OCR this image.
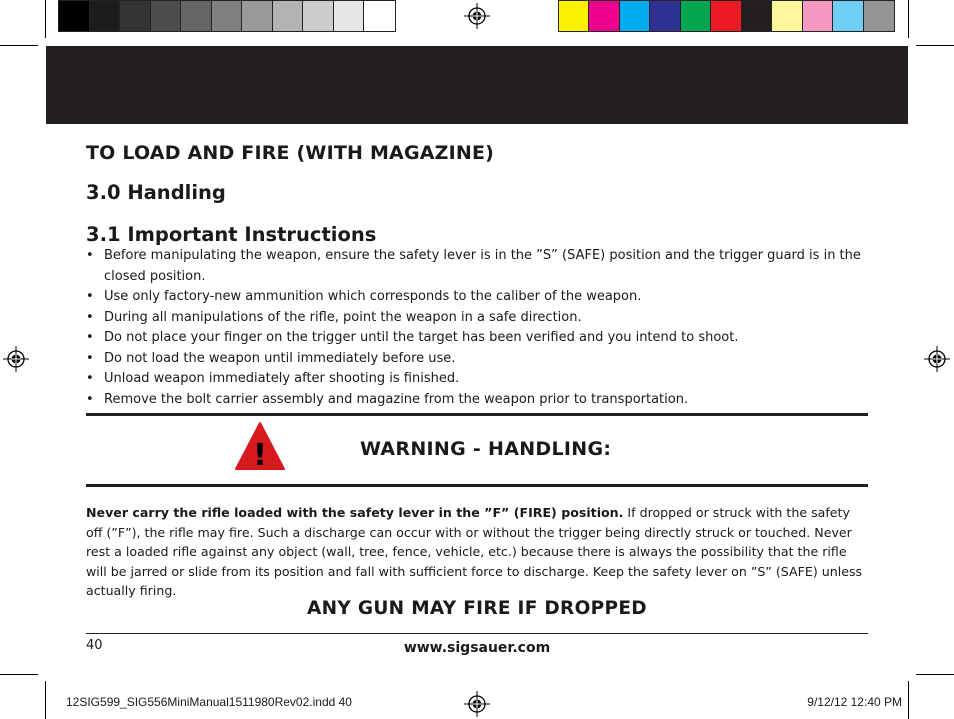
TO LOAD AND FIRE (WITH MAGAZINE)
3.0 Handling
3.1 Important Instructions
• Before manipulating the weapon, ensure the safety lever is in the ”S” (SAFE) position and the trigger guard is in the closed position.
• Use only factory-new ammunition which corresponds to the caliber of the weapon.
• During all manipulations of the rifle, point the weapon in a safe direction.
• Do not place your finger on the trigger until the target has been verified and you intend to shoot.
• Do not load the weapon until immediately before use.
• Unload weapon immediately after shooting is finished.
• Remove the bolt carrier assembly and magazine from the weapon prior to transportation.
!	WARNING - HANDLING:

Never carry the rifle loaded with the safety lever in the ”F” (FIRE) position. If dropped or struck with the safety off (”F”), the rifle may fire. Such a discharge can occur with or without the trigger being directly struck or touched. Never rest a loaded rifle against any object (wall, tree, fence, vehicle, etc.) because there is always the possibility that the rifle will be jarred or slide from its position and fall with sufficient force to discharge. Keep the safety lever on ”S” (SAFE) unless actually firing.

ANY GUN MAY FIRE IF DROPPED
40	www.sigsauer.com
12SIG599_SIG556MiniManual1511980Rev02.indd 40	9/12/12 12:40 PM
